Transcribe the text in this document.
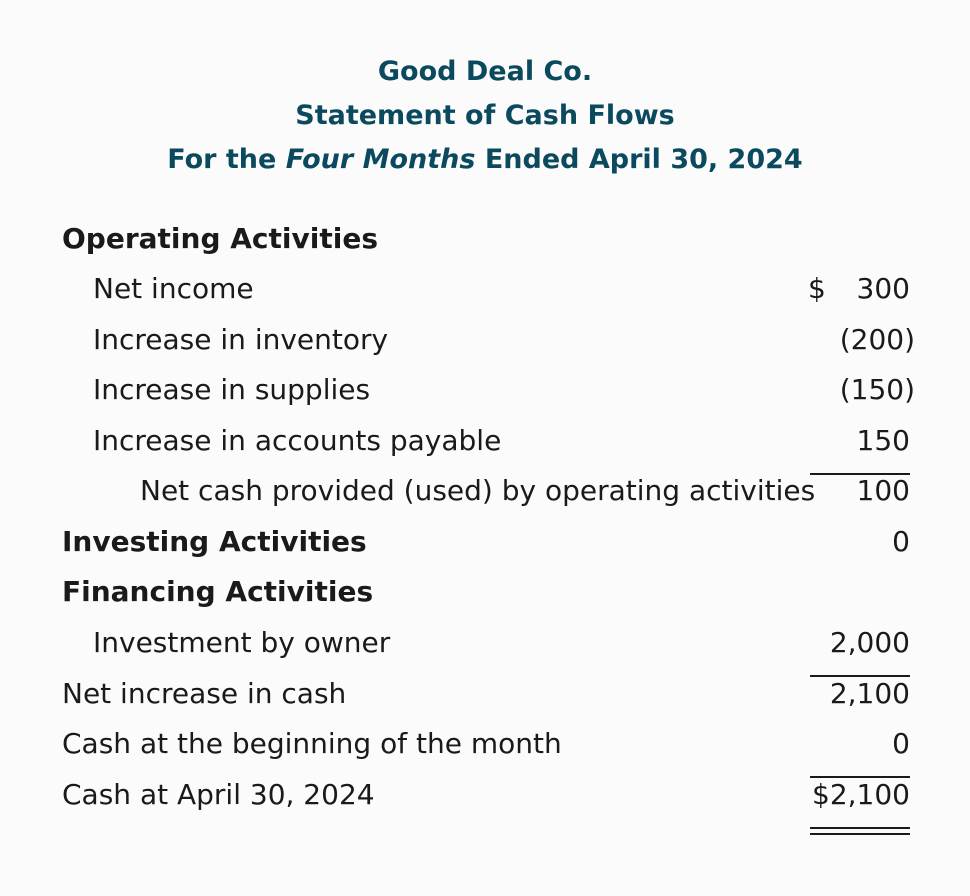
Good Deal Co.
Statement of Cash Flows
For the Four Months Ended April 30, 2024
Operating Activities
Net income	$ 300
Increase in inventory	(200)
Increase in supplies	(150)
Increase in accounts payable	150
Net cash provided (used) by operating activities 100
Investing Activities	0
Financing Activities
Investment by owner	2,000
Net increase in cash	2,100
Cash at the beginning of the month	0
Cash at April 30, 2024	$2,100
